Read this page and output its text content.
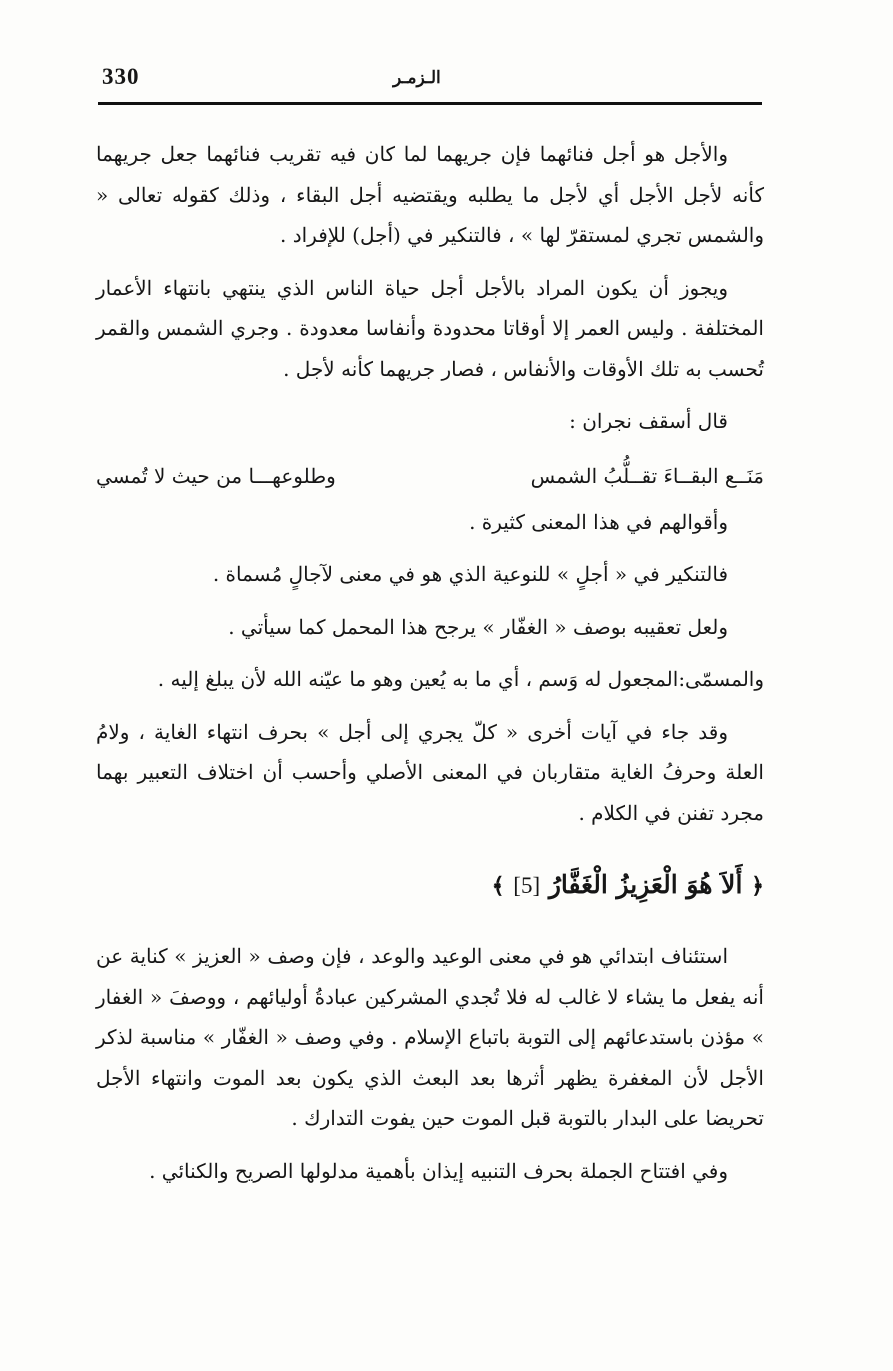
330	الـزمـر

والأجل هو أجل فنائهما فإن جريهما لما كان فيه تقريب فنائهما جعل جريهما كأنه لأجل الأجل أي لأجل ما يطلبه ويقتضيه أجل البقاء ، وذلك كقوله تعالى « والشمس تجري لمستقرّ لها » ، فالتنكير في (أجل) للإفراد .

ويجوز أن يكون المراد بالأجل أجل حياة الناس الذي ينتهي بانتهاء الأعمار المختلفة . وليس العمر إلا أوقاتا محدودة وأنفاسا معدودة . وجري الشمس والقمر تُحسب به تلك الأوقات والأنفاس ، فصار جريهما كأنه لأجل .

قال أسقف نجران :

مَنَــع البقــاءَ تقــلُّبُ الشمس
وطلوعهـــا من حيث لا تُمسي

وأقوالهم في هذا المعنى كثيرة .

فالتنكير في « أجلٍ » للنوعية الذي هو في معنى لآجالٍ مُسماة .

ولعل تعقيبه بوصف « الغفّار » يرجح هذا المحمل كما سيأتي .

والمسمّى:المجعول له وَسم ، أي ما به يُعين وهو ما عيّنه الله لأن يبلغ إليه .

وقد جاء في آيات أخرى « كلّ يجري إلى أجل » بحرف انتهاء الغاية ، ولامُ العلة وحرفُ الغاية متقاربان في المعنى الأصلي وأحسب أن اختلاف التعبير بهما مجرد تفنن في الكلام .

﴿ أَلاَ هُوَ الْعَزِيزُ الْغَفَّارُ [5] ﴾

استئناف ابتدائي هو في معنى الوعيد والوعد ، فإن وصف « العزيز » كناية عن أنه يفعل ما يشاء لا غالب له فلا تُجدي المشركين عبادةُ أوليائهم ، ووصفَ « الغفار » مؤذن باستدعائهم إلى التوبة باتباع الإسلام . وفي وصف « الغفّار » مناسبة لذكر الأجل لأن المغفرة يظهر أثرها بعد البعث الذي يكون بعد الموت وانتهاء الأجل تحريضا على البدار بالتوبة قبل الموت حين يفوت التدارك .

وفي افتتاح الجملة بحرف التنبيه إيذان بأهمية مدلولها الصريح والكنائي .
